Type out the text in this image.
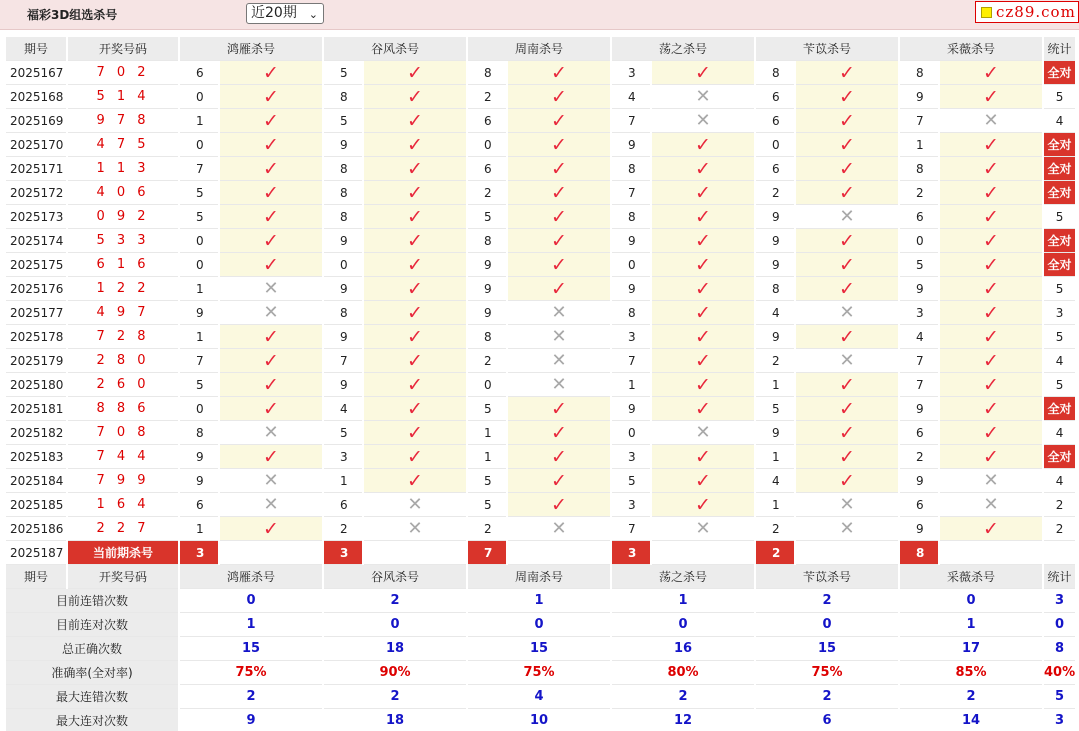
福彩3D组选杀号	近20期 ⌄	cz89.com
期号	开奖号码	鸿雁杀号		谷风杀号		周南杀号		荡之杀号		苄苡杀号		采薇杀号		统计
2025167	7 0 2	6	✓	5	✓	8	✓	3	✓	8	✓	8	✓	全对
2025168	5 1 4	0	✓	8	✓	2	✓	4	✕	6	✓	9	✓	5
2025169	9 7 8	1	✓	5	✓	6	✓	7	✕	6	✓	7	✕	4
2025170	4 7 5	0	✓	9	✓	0	✓	9	✓	0	✓	1	✓	全对
2025171	1 1 3	7	✓	8	✓	6	✓	8	✓	6	✓	8	✓	全对
2025172	4 0 6	5	✓	8	✓	2	✓	7	✓	2	✓	2	✓	全对
2025173	0 9 2	5	✓	8	✓	5	✓	8	✓	9	✕	6	✓	5
2025174	5 3 3	0	✓	9	✓	8	✓	9	✓	9	✓	0	✓	全对
2025175	6 1 6	0	✓	0	✓	9	✓	0	✓	9	✓	5	✓	全对
2025176	1 2 2	1	✕	9	✓	9	✓	9	✓	8	✓	9	✓	5
2025177	4 9 7	9	✕	8	✓	9	✕	8	✓	4	✕	3	✓	3
2025178	7 2 8	1	✓	9	✓	8	✕	3	✓	9	✓	4	✓	5
2025179	2 8 0	7	✓	7	✓	2	✕	7	✓	2	✕	7	✓	4
2025180	2 6 0	5	✓	9	✓	0	✕	1	✓	1	✓	7	✓	5
2025181	8 8 6	0	✓	4	✓	5	✓	9	✓	5	✓	9	✓	全对
2025182	7 0 8	8	✕	5	✓	1	✓	0	✕	9	✓	6	✓	4
2025183	7 4 4	9	✓	3	✓	1	✓	3	✓	1	✓	2	✓	全对
2025184	7 9 9	9	✕	1	✓	5	✓	5	✓	4	✓	9	✕	4
2025185	1 6 4	6	✕	6	✕	5	✓	3	✓	1	✕	6	✕	2
2025186	2 2 7	1	✓	2	✕	2	✕	7	✕	2	✕	9	✓	2
2025187	当前期杀号	3		3		7		3		2		8		
期号	开奖号码	鸿雁杀号		谷风杀号		周南杀号		荡之杀号		苄苡杀号		采薇杀号		统计
目前连错次数		0		2		1		1		2		0		3
目前连对次数		1		0		0		0		0		1		0
总正确次数		15		18		15		16		15		17		8
准确率(全对率)		75%		90%		75%		80%		75%		85%		40%
最大连错次数		2		2		4		2		2		2		5
最大连对次数		9		18		10		12		6		14		3
